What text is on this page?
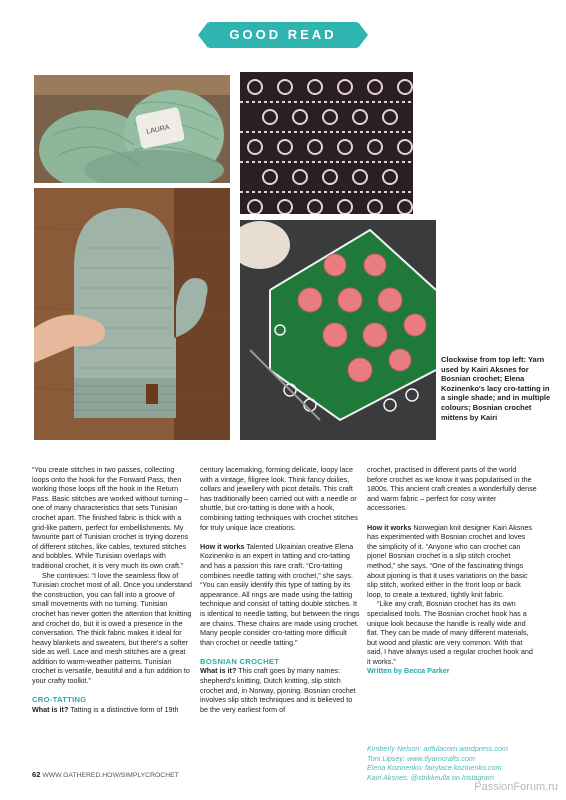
GOOD READ
LAURA
Clockwise from top left: Yarn used by Kairi Aksnes for Bosnian crochet; Elena Kozinenko's lacy cro-tatting in a single shade; and in multiple colours; Bosnian crochet mittens by Kairi

“You create stitches in two passes, collecting loops onto the hook for the Forward Pass, then working those loops off the hook in the Return Pass. Basic stitches are worked without turning – one of many characteristics that sets Tunisian crochet apart. The finished fabric is thick with a grid-like pattern, perfect for embellishments. My favourite part of Tunisian crochet is trying dozens of different stitches, like cables, textured stitches and bobbles. While Tunisian overlaps with traditional crochet, it is very much its own craft.”

She continues: “I love the seamless flow of Tunisian crochet most of all. Once you understand the construction, you can fall into a groove of small movements with no turning. Tunisian crochet has never gotten the attention that knitting and crochet do, but it is owed a presence in the conversation. The thick fabric makes it ideal for heavy blankets and sweaters, but there's a softer side as well. Lace and mesh stitches are a great addition to warm-weather patterns. Tunisian crochet is versatile, beautiful and a fun addition to your crafty toolkit.”

CRO-TATTING

What is it? Tatting is a distinctive form of 19th

century lacemaking, forming delicate, loopy lace with a vintage, filigree look. Think fancy doilies, collars and jewellery with picot details. This craft has traditionally been carried out with a needle or shuttle, but cro-tatting is done with a hook, combining tatting techniques with crochet stitches for truly unique lace creations.

How it works Talented Ukrainian creative Elena Kozinenko is an expert in tatting and cro-tatting and has a passion this rare craft. “Cro-tatting combines needle tatting with crochet,” she says. “You can easily identify this type of tatting by its appearance. All rings are made using the tatting technique and consist of tatting double stitches. It is identical to needle tatting, but between the rings are chains. These chains are made using crochet. Many people consider cro-tatting more difficult than crochet or needle tatting.”

BOSNIAN CROCHET

What is it? This craft goes by many names: shepherd's knitting, Dutch knitting, slip stitch crochet and, in Norway, pjoning. Bosnian crochet involves slip stitch techniques and is believed to be the very earliest form of

crochet, practised in different parts of the world before crochet as we know it was popularised in the 1800s. This ancient craft creates a wonderfully dense and warm fabric – perfect for cosy winter accessories.

How it works Norwegian knit designer Kairi Aksnes has experimented with Bosnian crochet and loves the simplicity of it. “Anyone who can crochet can pjone! Bosnian crochet is a slip stitch crochet method,” she says. “One of the fascinating things about pjoning is that it uses variations on the basic slip stitch, worked either in the front loop or back loop, to create a textured, tightly knit fabric.

“Like any craft, Bosnian crochet has its own specialised tools. The Bosnian crochet hook has a unique look because the handle is really wide and flat. They can be made of many different materials, but wood and plastic are very common. With that said, I have always used a regular crochet hook and it works.”

Written by Becca Parker

Kimberly Nelson: artfulacorn.wordpress.com
Toni Lipsey: www.tlyarncrafts.com
Elena Kozinenko: fairylace.kozinenko.com
Kairi Aksnes: @strikkeulla on Instagram
62 WWW.GATHERED.HOW/SIMPLYCROCHET
PassionForum.ru
